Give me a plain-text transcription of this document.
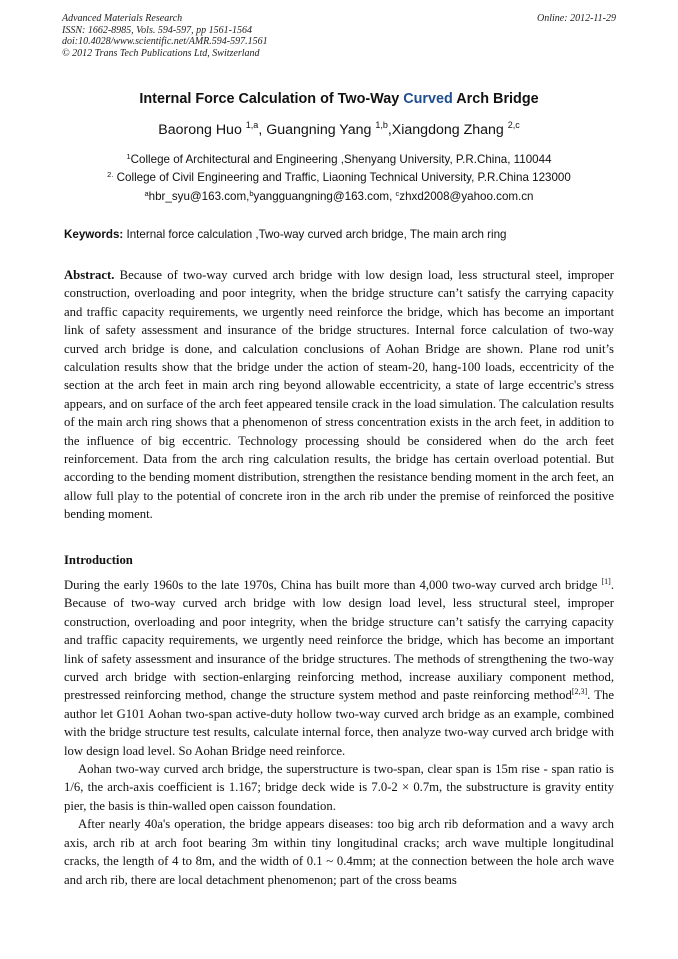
Advanced Materials Research
ISSN: 1662-8985, Vols. 594-597, pp 1561-1564
doi:10.4028/www.scientific.net/AMR.594-597.1561
© 2012 Trans Tech Publications Ltd, Switzerland
Online: 2012-11-29
Internal Force Calculation of Two-Way Curved Arch Bridge
Baorong Huo $^{1,a}$, Guangning Yang $^{1,b}$,Xiangdong Zhang $^{2,c}$
$^1$College of Architectural and Engineering ,Shenyang University, P.R.China, 110044
$^{2.}$ College of Civil Engineering and Traffic, Liaoning Technical University, P.R.China 123000
$^a$hbr_syu@163.com,$^b$yangguangning@163.com, $^c$zhxd2008@yahoo.com.cn
Keywords: Internal force calculation ,Two-way curved arch bridge, The main arch ring

Abstract. Because of two-way curved arch bridge with low design load, less structural steel, improper construction, overloading and poor integrity, when the bridge structure can’t satisfy the carrying capacity and traffic capacity requirements, we urgently need reinforce the bridge, which has become an important link of safety assessment and insurance of the bridge structures. Internal force calculation of two-way curved arch bridge is done, and calculation conclusions of Aohan Bridge are shown. Plane rod unit’s calculation results show that the bridge under the action of steam-20, hang-100 loads, eccentricity of the section at the arch feet in main arch ring beyond allowable eccentricity, a state of large eccentric's stress appears, and on surface of the arch feet appeared tensile crack in the load simulation. The calculation results of the main arch ring shows that a phenomenon of stress concentration exists in the arch feet, in addition to the influence of big eccentric. Technology processing should be considered when do the arch feet reinforcement. Data from the arch ring calculation results, the bridge has certain overload potential. But according to the bending moment distribution, strengthen the resistance bending moment in the arch feet, an allow full play to the potential of concrete iron in the arch rib under the premise of reinforced the positive bending moment.

Introduction

During the early 1960s to the late 1970s, China has built more than 4,000 two-way curved arch bridge [1]. Because of two-way curved arch bridge with low design load level, less structural steel, improper construction, overloading and poor integrity, when the bridge structure can’t satisfy the carrying capacity and traffic capacity requirements, we urgently need reinforce the bridge, which has become an important link of safety assessment and insurance of the bridge structures. The methods of strengthening the two-way curved arch bridge with section-enlarging reinforcing method, increase auxiliary component method, prestressed reinforcing method, change the structure system method and paste reinforcing method[2,3]. The author let G101 Aohan two-span active-duty hollow two-way curved arch bridge as an example, combined with the bridge structure test results, calculate internal force, then analyze two-way curved arch bridge with low design load level. So Aohan Bridge need reinforce.

Aohan two-way curved arch bridge, the superstructure is two-span, clear span is 15m rise - span ratio is 1/6, the arch-axis coefficient is 1.167; bridge deck wide is 7.0-2 × 0.7m, the substructure is gravity entity pier, the basis is thin-walled open caisson foundation.

After nearly 40a's operation, the bridge appears diseases: too big arch rib deformation and a wavy arch axis, arch rib at arch foot bearing 3m within tiny longitudinal cracks; arch wave multiple longitudinal cracks, the length of 4 to 8m, and the width of 0.1 ~ 0.4mm; at the connection between the hole arch wave and arch rib, there are local detachment phenomenon; part of the cross beams
